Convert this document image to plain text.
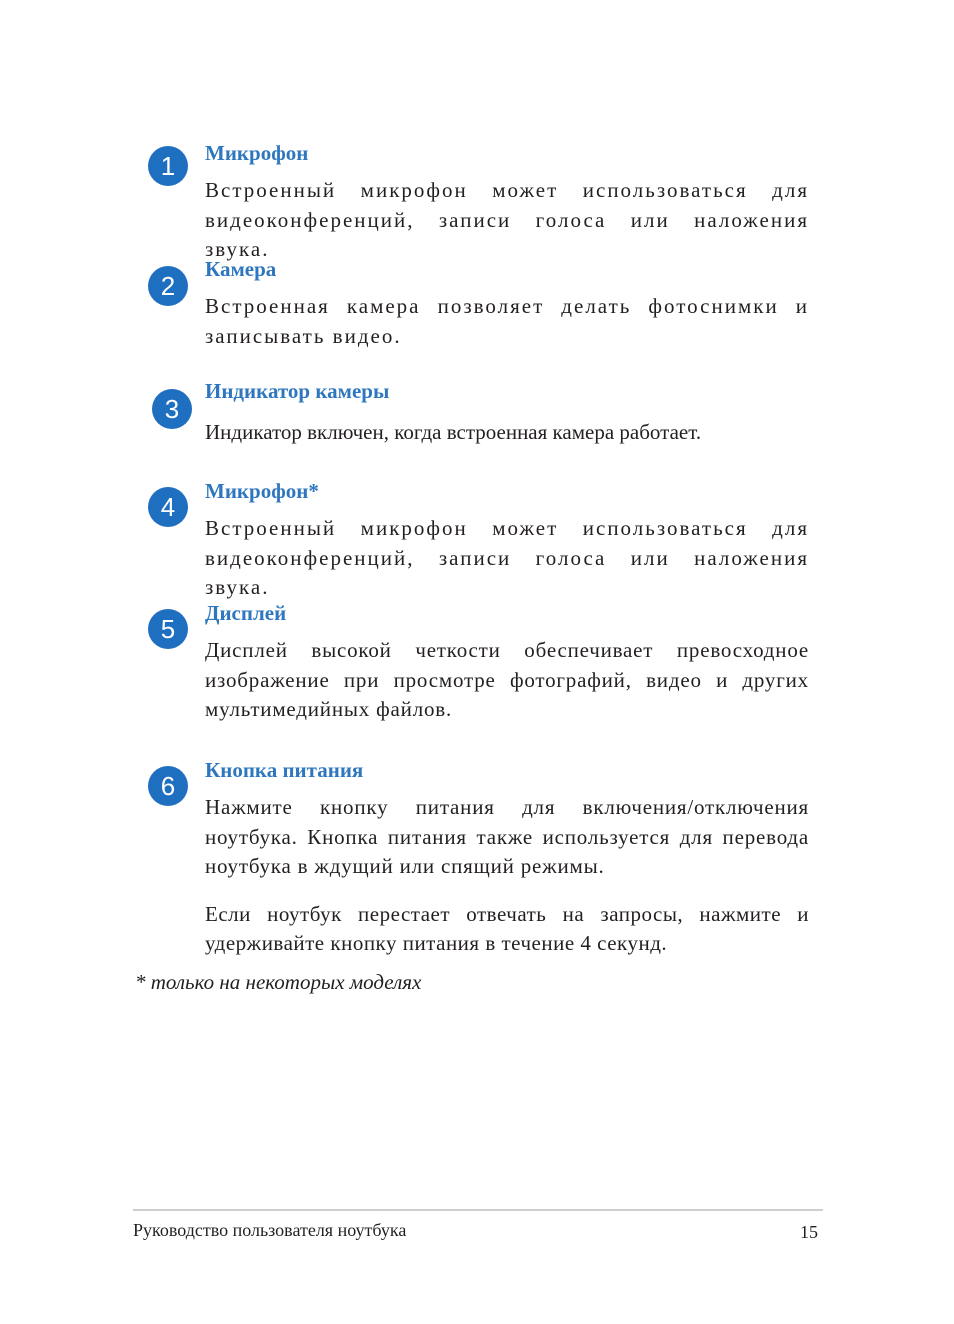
1	Микрофон

Встроенный микрофон может использоваться для видеоконференций, записи голоса или наложения звука.

2
Камера

Встроенная камера позволяет делать фотоснимки и записывать видео.

3
Индикатор камеры

Индикатор включен, когда встроенная камера работает.

4
Микрофон*

Встроенный микрофон может использоваться для видеоконференций, записи голоса или наложения звука.

5
Дисплей

Дисплей высокой четкости обеспечивает превосходное изображение при просмотре фотографий, видео и других мультимедийных файлов.

6
Кнопка питания

Нажмите кнопку питания для включения/отключения ноутбука. Кнопка питания также используется для перевода ноутбука в ждущий или спящий режимы.

Если ноутбук перестает отвечать на запросы, нажмите и удерживайте кнопку питания в течение 4 секунд.

* только на некоторых моделях
Руководство пользователя ноутбука	15
